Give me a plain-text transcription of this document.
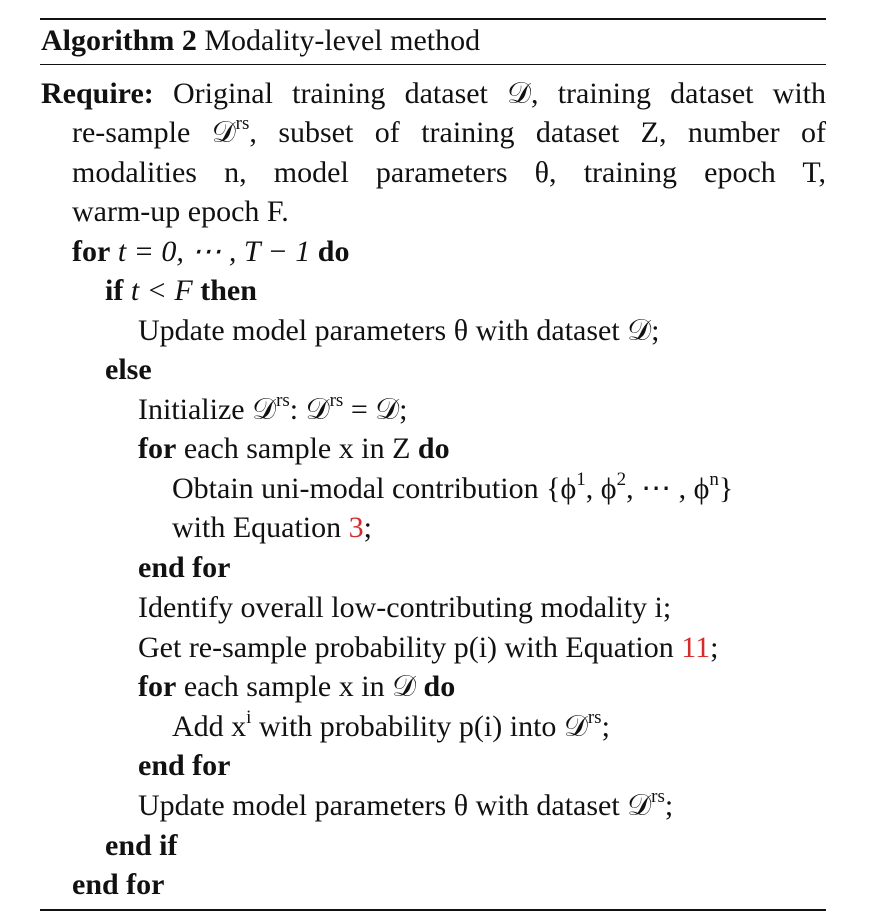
Algorithm 2 Modality-level method
Require: Original training dataset 𝒟, training dataset with
re-sample 𝒟$^{rs}$, subset of training dataset Z, number of
modalities n, model parameters θ, training epoch T,
warm-up epoch F.
for t = 0, ⋯ , T − 1 do
if t < F then
Update model parameters θ with dataset 𝒟;
else
Initialize 𝒟$^{rs}$: 𝒟$^{rs}$ = 𝒟;
for each sample x in Z do
Obtain uni-modal contribution {$\phi^1$, $\phi^2$, ⋯ , $\phi^n$}
with Equation 3;
end for
Identify overall low-contributing modality i;
Get re-sample probability p(i) with Equation 11;
for each sample x in 𝒟 do
Add $x^i$ with probability p(i) into 𝒟$^{rs}$;
end for
Update model parameters θ with dataset 𝒟$^{rs}$;
end if
end for
